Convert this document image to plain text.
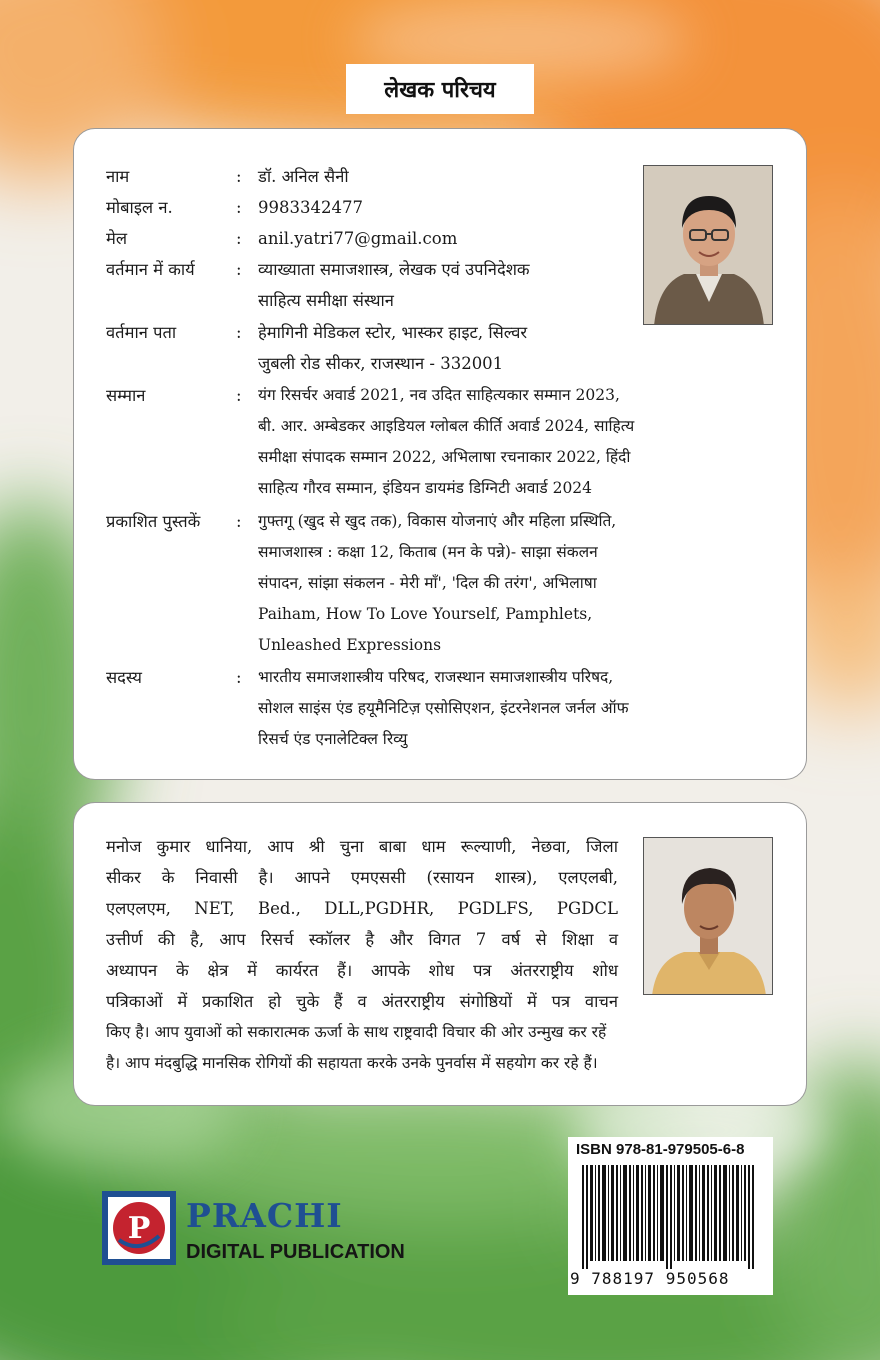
लेखक परिचय
नाम	: डॉ. अनिल सैनी
मोबाइल न.	: 9983342477
मेल	: anil.yatri77@gmail.com
वर्तमान में कार्य	: व्याख्याता समाजशास्त्र, लेखक एवं उपनिदेशक
साहित्य समीक्षा संस्थान
वर्तमान पता	: हेमागिनी मेडिकल स्टोर, भास्कर हाइट, सिल्वर
जुबली रोड सीकर, राजस्थान - 332001
सम्मान	:	यंग रिसर्चर अवार्ड 2021, नव उदित साहित्यकार सम्मान 2023,
बी. आर. अम्बेडकर आइडियल ग्लोबल कीर्ति अवार्ड 2024, साहित्य
समीक्षा संपादक सम्मान 2022, अभिलाषा रचनाकार 2022, हिंदी
साहित्य गौरव सम्मान, इंडियन डायमंड डिग्निटी अवार्ड 2024
प्रकाशित पुस्तकें	:	गुफ्तगू (खुद से खुद तक), विकास योजनाएं और महिला प्रस्थिति,
समाजशास्त्र : कक्षा 12, किताब (मन के पन्ने)- साझा संकलन
संपादन, सांझा संकलन - मेरी माँ', 'दिल की तरंग', अभिलाषा
Paiham, How To Love Yourself, Pamphlets,
Unleashed Expressions
सदस्य	:	भारतीय समाजशास्त्रीय परिषद, राजस्थान समाजशास्त्रीय परिषद,
सोशल साइंस एंड हयूमैनिटिज़ एसोसिएशन, इंटरनेशनल जर्नल ऑफ
रिसर्च एंड एनालेटिक्ल रिव्यु
मनोज कुमार धानिया, आप श्री चुना बाबा धाम रूल्याणी, नेछवा, जिला
सीकर के निवासी है। आपने एमएससी (रसायन शास्त्र), एलएलबी,
एलएलएम, NET, Bed., DLL,PGDHR, PGDLFS, PGDCL
उत्तीर्ण की है, आप रिसर्च स्कॉलर है और विगत 7 वर्ष से शिक्षा व
अध्यापन के क्षेत्र में कार्यरत हैं। आपके शोध पत्र अंतरराष्ट्रीय शोध
पत्रिकाओं में प्रकाशित हो चुके हैं व अंतरराष्ट्रीय संगोष्ठियों में पत्र वाचन
किए है। आप युवाओं को सकारात्मक ऊर्जा के साथ राष्ट्रवादी विचार की ओर उन्मुख कर रहें
है। आप मंदबुद्धि मानसिक रोगियों की सहायता करके उनके पुनर्वास में सहयोग कर रहे हैं।
ISBN 978-81-979505-6-8
9 788197 950568
P PRACHI
DIGITAL PUBLICATION
